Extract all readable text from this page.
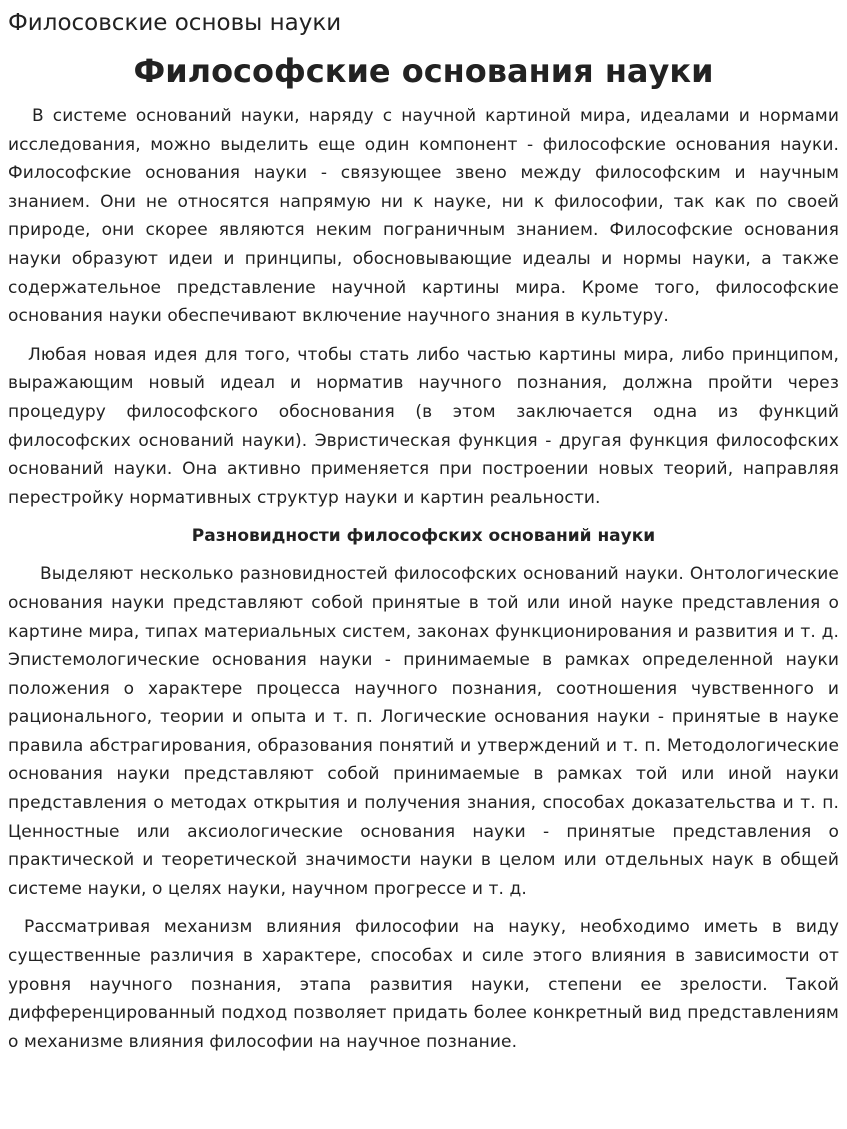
Филосовские основы науки
Философские основания науки

В системе оснований науки, наряду с научной картиной мира, идеалами и нормами исследования, можно выделить еще один компонент - философские основания науки. Философские основания науки - связующее звено между философским и научным знанием. Они не относятся напрямую ни к науке, ни к философии, так как по своей природе, они скорее являются неким пограничным знанием. Философские основания науки образуют идеи и принципы, обосновывающие идеалы и нормы науки, а также содержательное представление научной картины мира. Кроме того, философские основания науки обеспечивают включение научного знания в культуру.

Любая новая идея для того, чтобы стать либо частью картины мира, либо принципом, выражающим новый идеал и норматив научного познания, должна пройти через процедуру философского обоснования (в этом заключается одна из функций философских оснований науки). Эвристическая функция - другая функция философских оснований науки. Она активно применяется при построении новых теорий, направляя перестройку нормативных структур науки и картин реальности.

Разновидности философских оснований науки

Выделяют несколько разновидностей философских оснований науки. Онтологические основания науки представляют собой принятые в той или иной науке представления о картине мира, типах материальных систем, законах функционирования и развития и т. д. Эпистемологические основания науки - принимаемые в рамках определенной науки положения о характере процесса научного познания, соотношения чувственного и рационального, теории и опыта и т. п. Логические основания науки - принятые в науке правила абстрагирования, образования понятий и утверждений и т. п. Методологические основания науки представляют собой принимаемые в рамках той или иной науки представления о методах открытия и получения знания, способах доказательства и т. п. Ценностные или аксиологические основания науки - принятые представления о практической и теоретической значимости науки в целом или отдельных наук в общей системе науки, о целях науки, научном прогрессе и т. д.

Рассматривая механизм влияния философии на науку, необходимо иметь в виду существенные различия в характере, способах и силе этого влияния в зависимости от уровня научного познания, этапа развития науки, степени ее зрелости. Такой дифференцированный подход позволяет придать более конкретный вид представлениям о механизме влияния философии на научное познание.
